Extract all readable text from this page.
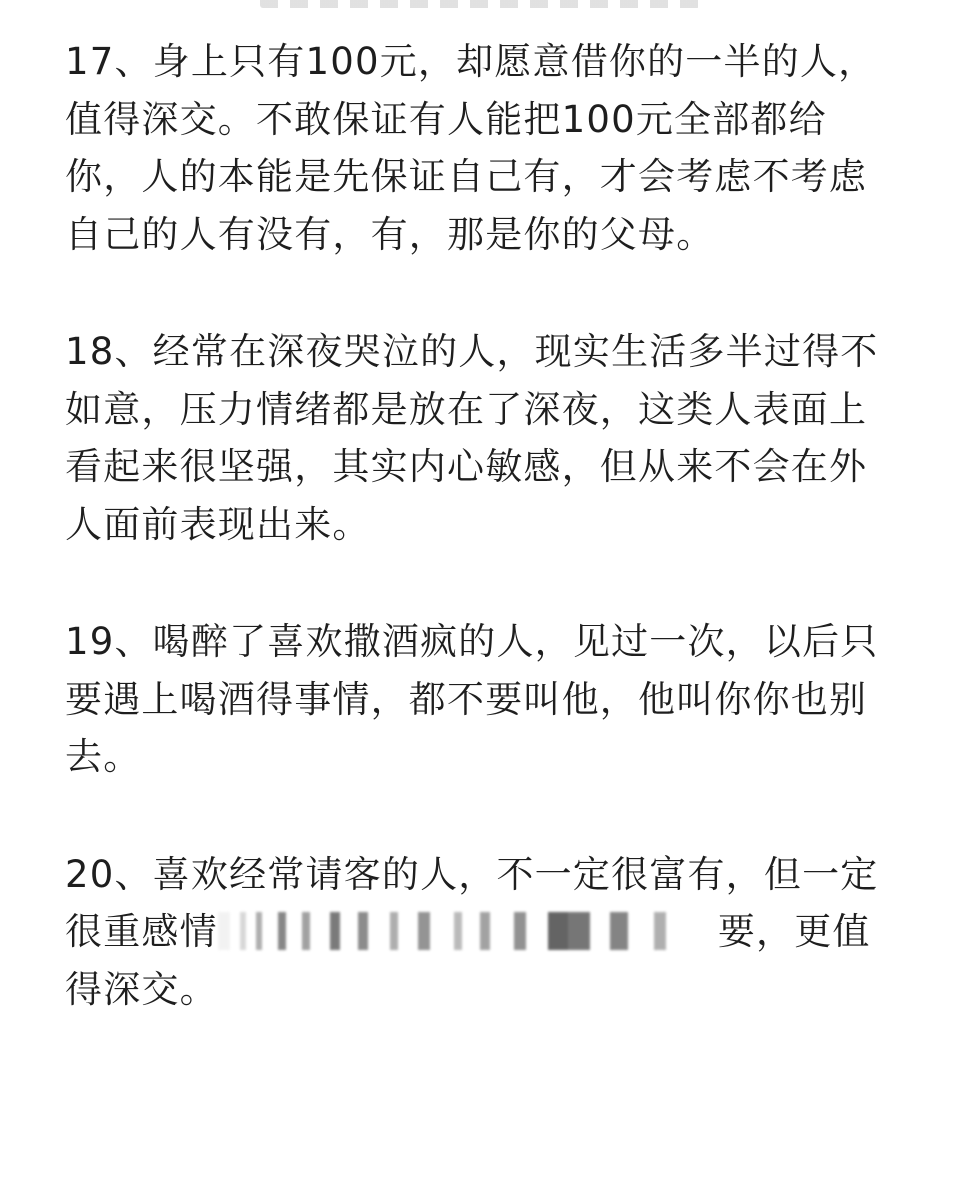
17、身上只有100元，却愿意借你的一半的人，值得深交。不敢保证有人能把100元全部都给你，人的本能是先保证自己有，才会考虑不考虑自己的人有没有，有，那是你的父母。

18、经常在深夜哭泣的人，现实生活多半过得不如意，压力情绪都是放在了深夜，这类人表面上看起来很坚强，其实内心敏感，但从来不会在外人面前表现出来。

19、喝醉了喜欢撒酒疯的人，见过一次，以后只要遇上喝酒得事情，都不要叫他，他叫你你也别去。

20、喜欢经常请客的人，不一定很富有，但一定很重感情	要，更值得深交。
